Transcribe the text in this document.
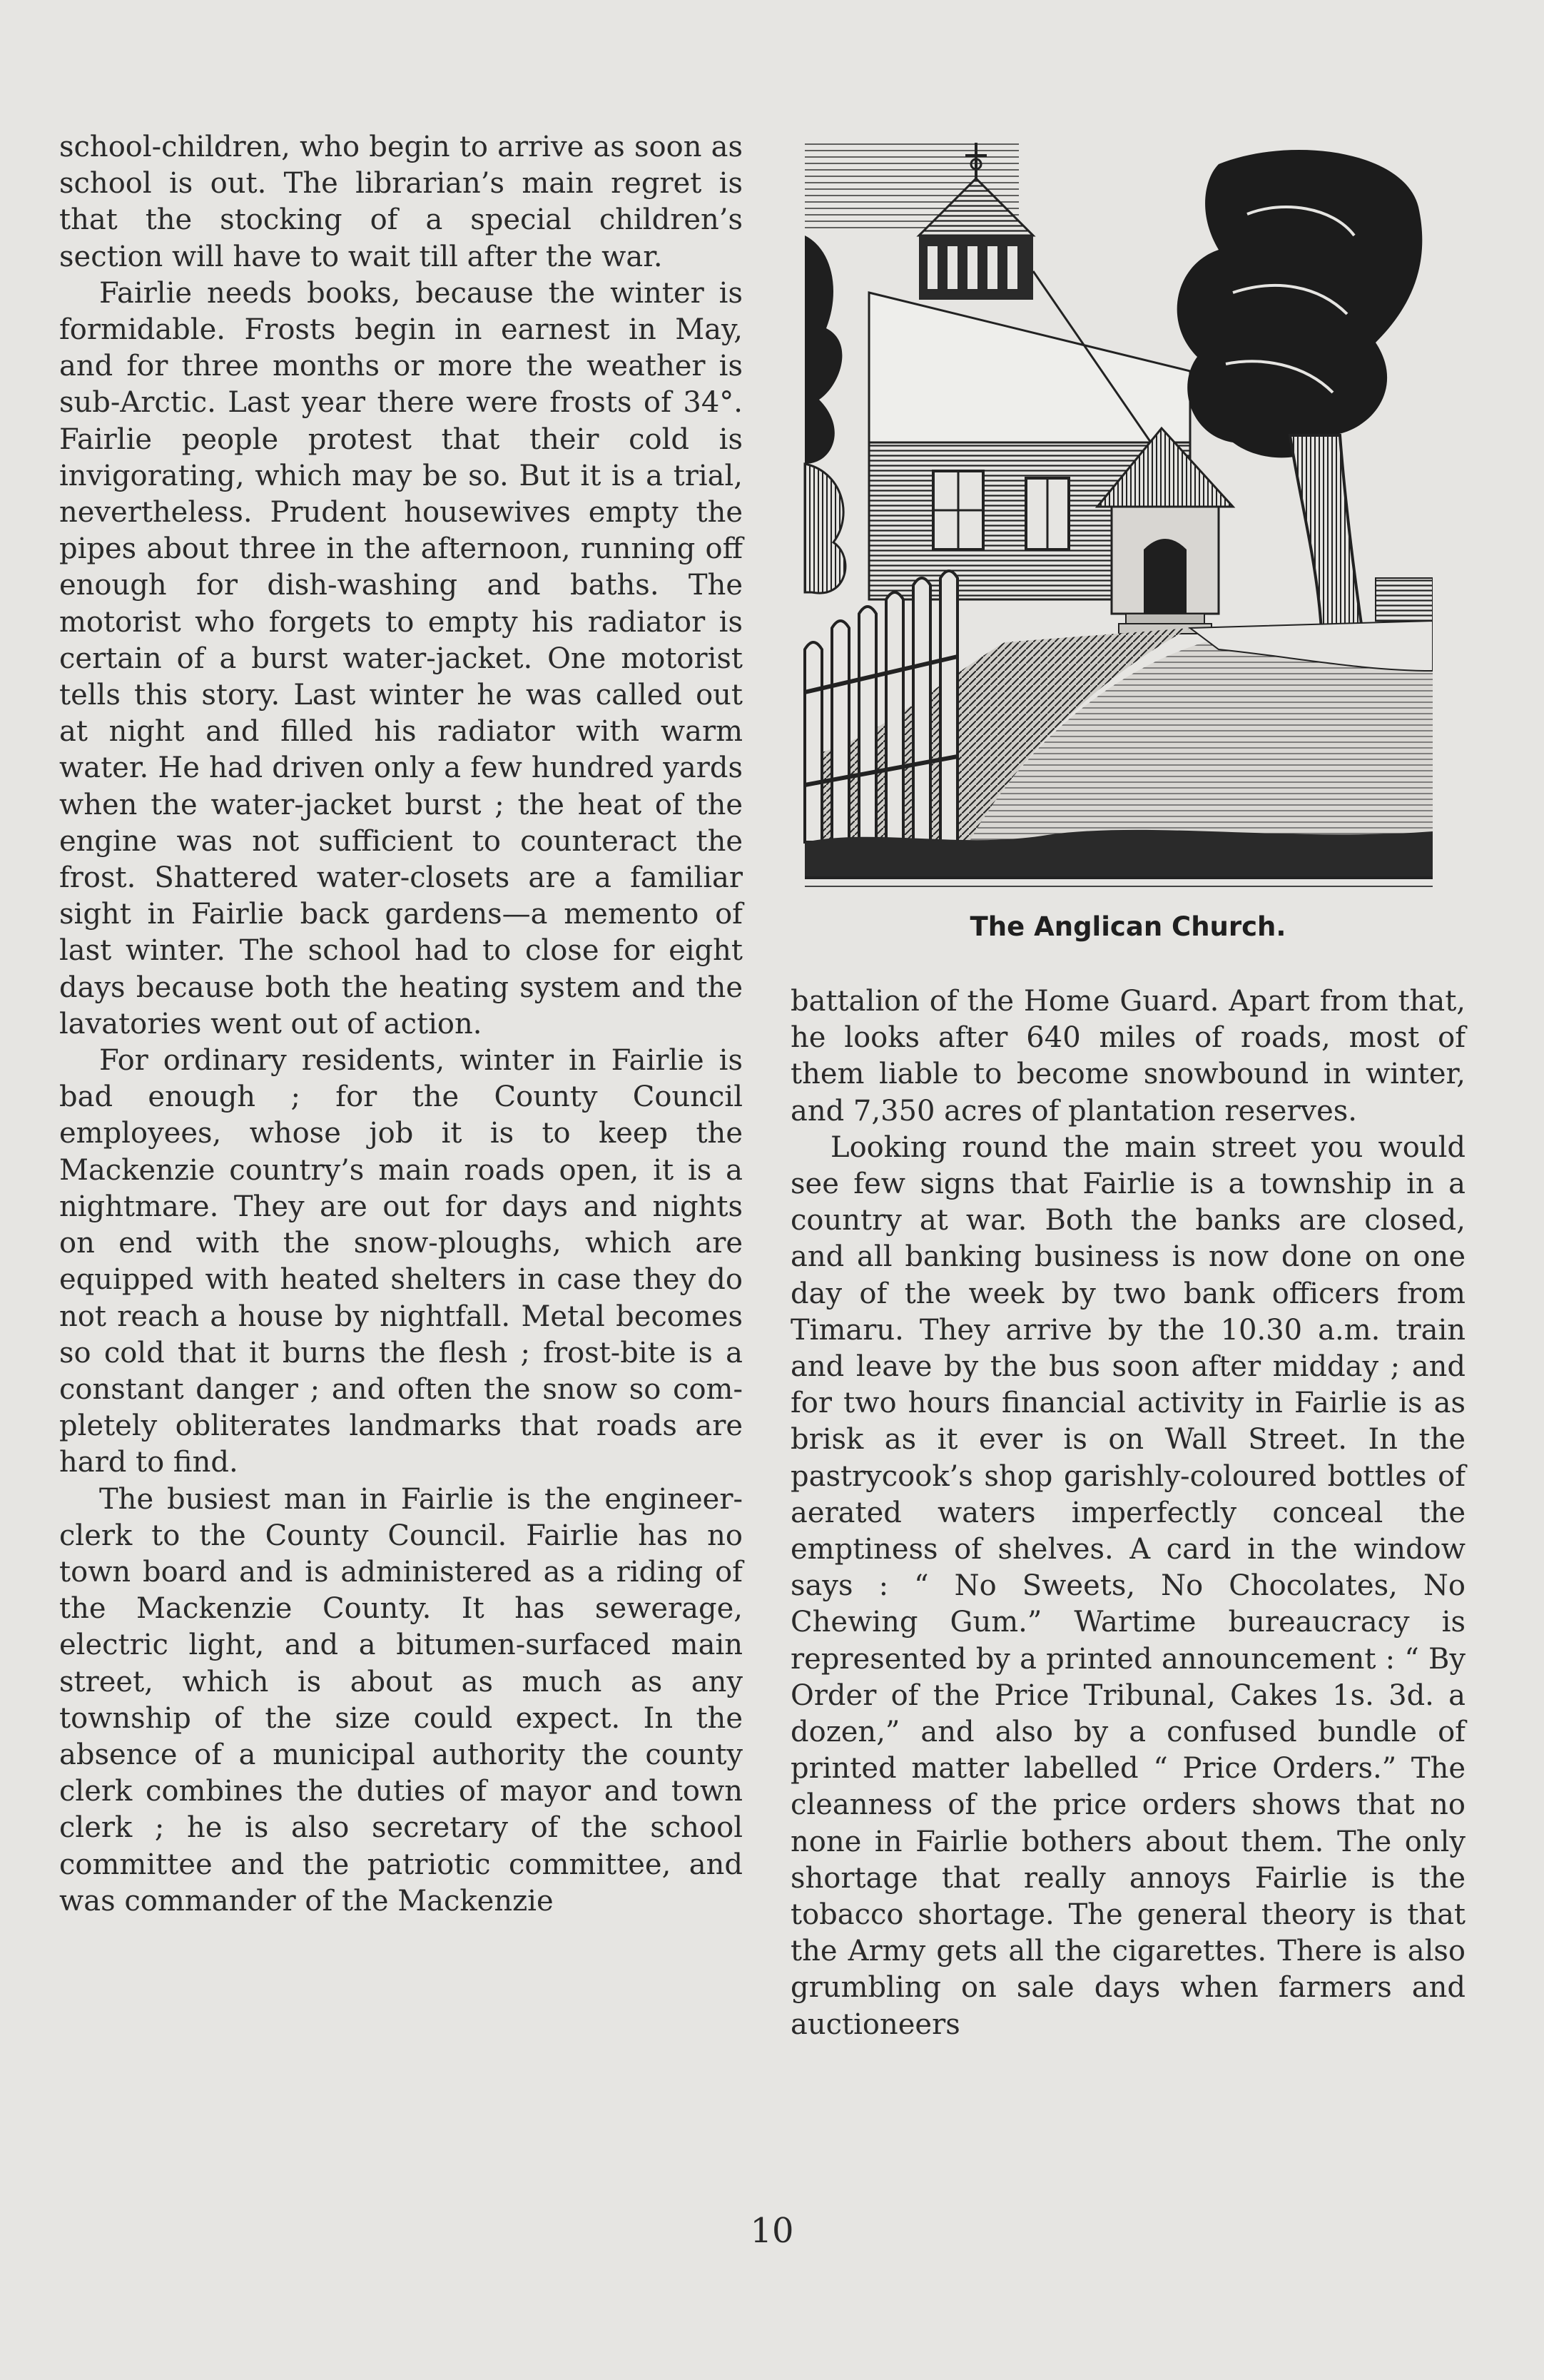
school-children, who begin to arrive as soon as school is out. The librarian’s main regret is that the stocking of a special children’s section will have to wait till after the war.

Fairlie needs books, because the winter is formidable. Frosts begin in earnest in May, and for three months or more the weather is sub-Arctic. Last year there were frosts of 34°. Fairlie people protest that their cold is invigorating, which may be so. But it is a trial, nevertheless. Prudent housewives empty the pipes about three in the afternoon, running off enough for dish-washing and baths. The motorist who forgets to empty his radiator is certain of a burst water-jacket. One motorist tells this story. Last winter he was called out at night and filled his radiator with warm water. He had driven only a few hundred yards when the water-jacket burst ; the heat of the engine was not sufficient to counteract the frost. Shattered water-closets are a familiar sight in Fairlie back gardens—a memento of last winter. The school had to close for eight days because both the heating system and the lavatories went out of action.

For ordinary residents, winter in Fairlie is bad enough ; for the County Council employees, whose job it is to keep the Mackenzie country’s main roads open, it is a nightmare. They are out for days and nights on end with the snow-ploughs, which are equipped with heated shelters in case they do not reach a house by nightfall. Metal becomes so cold that it burns the flesh ; frost-bite is a constant danger ; and often the snow so completely obliterates landmarks that roads are hard to find.

The busiest man in Fairlie is the engineer-clerk to the County Council. Fairlie has no town board and is administered as a riding of the Mackenzie County. It has sewerage, electric light, and a bitumen-surfaced main street, which is about as much as any township of the size could expect. In the absence of a municipal authority the county clerk combines the duties of mayor and town clerk ; he is also secretary of the school committee and the patriotic committee, and was commander of the Mackenzie

The Anglican Church.

battalion of the Home Guard. Apart from that, he looks after 640 miles of roads, most of them liable to become snowbound in winter, and 7,350 acres of plantation reserves.

Looking round the main street you would see few signs that Fairlie is a township in a country at war. Both the banks are closed, and all banking business is now done on one day of the week by two bank officers from Timaru. They arrive by the 10.30 a.m. train and leave by the bus soon after midday ; and for two hours financial activity in Fairlie is as brisk as it ever is on Wall Street. In the pastrycook’s shop garishly-coloured bottles of aerated waters imperfectly conceal the emptiness of shelves. A card in the window says : “ No Sweets, No Chocolates, No Chewing Gum.” Wartime bureaucracy is represented by a printed announcement : “ By Order of the Price Tribunal, Cakes 1s. 3d. a dozen,” and also by a confused bundle of printed matter labelled “ Price Orders.” The cleanness of the price orders shows that no none in Fairlie bothers about them. The only shortage that really annoys Fairlie is the tobacco shortage. The general theory is that the Army gets all the cigarettes. There is also grumbling on sale days when farmers and auctioneers

10
